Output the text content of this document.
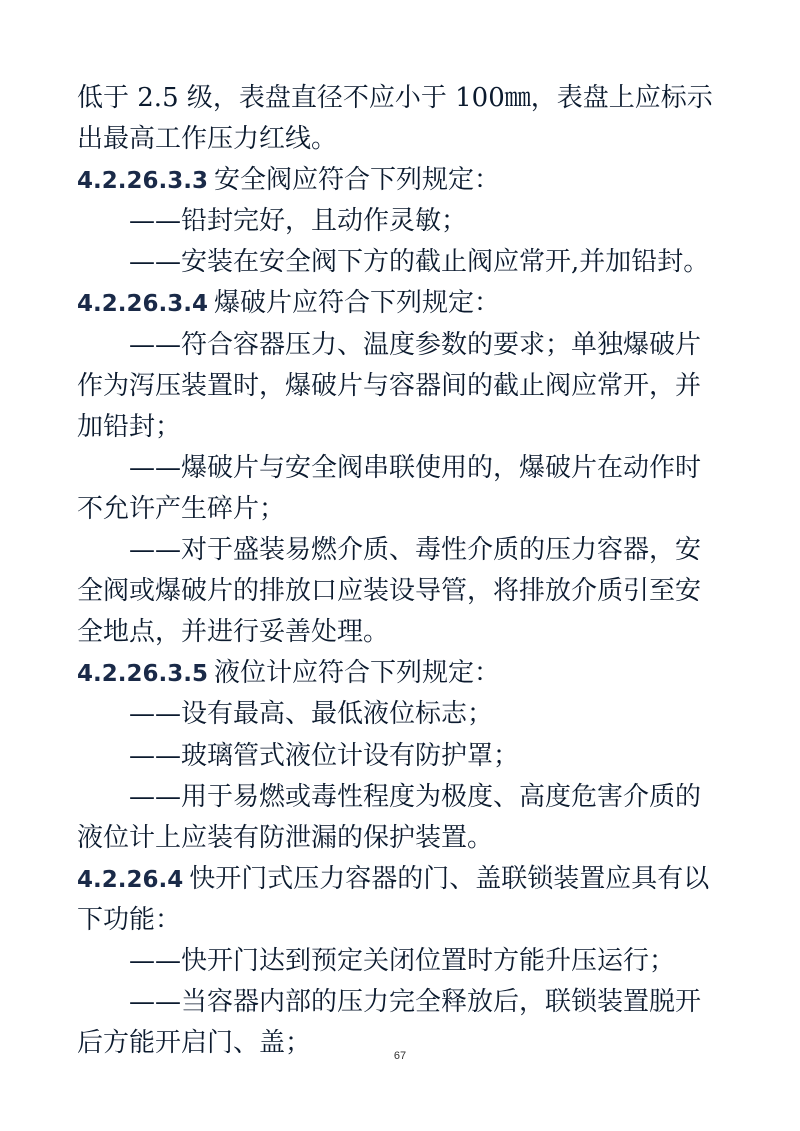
低于 2.5 级，表盘直径不应小于 100㎜，表盘上应标示
出最高工作压力红线。
4.2.26.3.3 安全阀应符合下列规定：
——铅封完好，且动作灵敏；
——安装在安全阀下方的截止阀应常开,并加铅封。
4.2.26.3.4 爆破片应符合下列规定：
——符合容器压力、温度参数的要求；单独爆破片
作为泻压装置时，爆破片与容器间的截止阀应常开，并
加铅封；
——爆破片与安全阀串联使用的，爆破片在动作时
不允许产生碎片；
——对于盛装易燃介质、毒性介质的压力容器，安
全阀或爆破片的排放口应装设导管，将排放介质引至安
全地点，并进行妥善处理。
4.2.26.3.5 液位计应符合下列规定：
——设有最高、最低液位标志；
——玻璃管式液位计设有防护罩；
——用于易燃或毒性程度为极度、高度危害介质的
液位计上应装有防泄漏的保护装置。
4.2.26.4 快开门式压力容器的门、盖联锁装置应具有以
下功能：
——快开门达到预定关闭位置时方能升压运行；
——当容器内部的压力完全释放后，联锁装置脱开
后方能开启门、盖；	67
